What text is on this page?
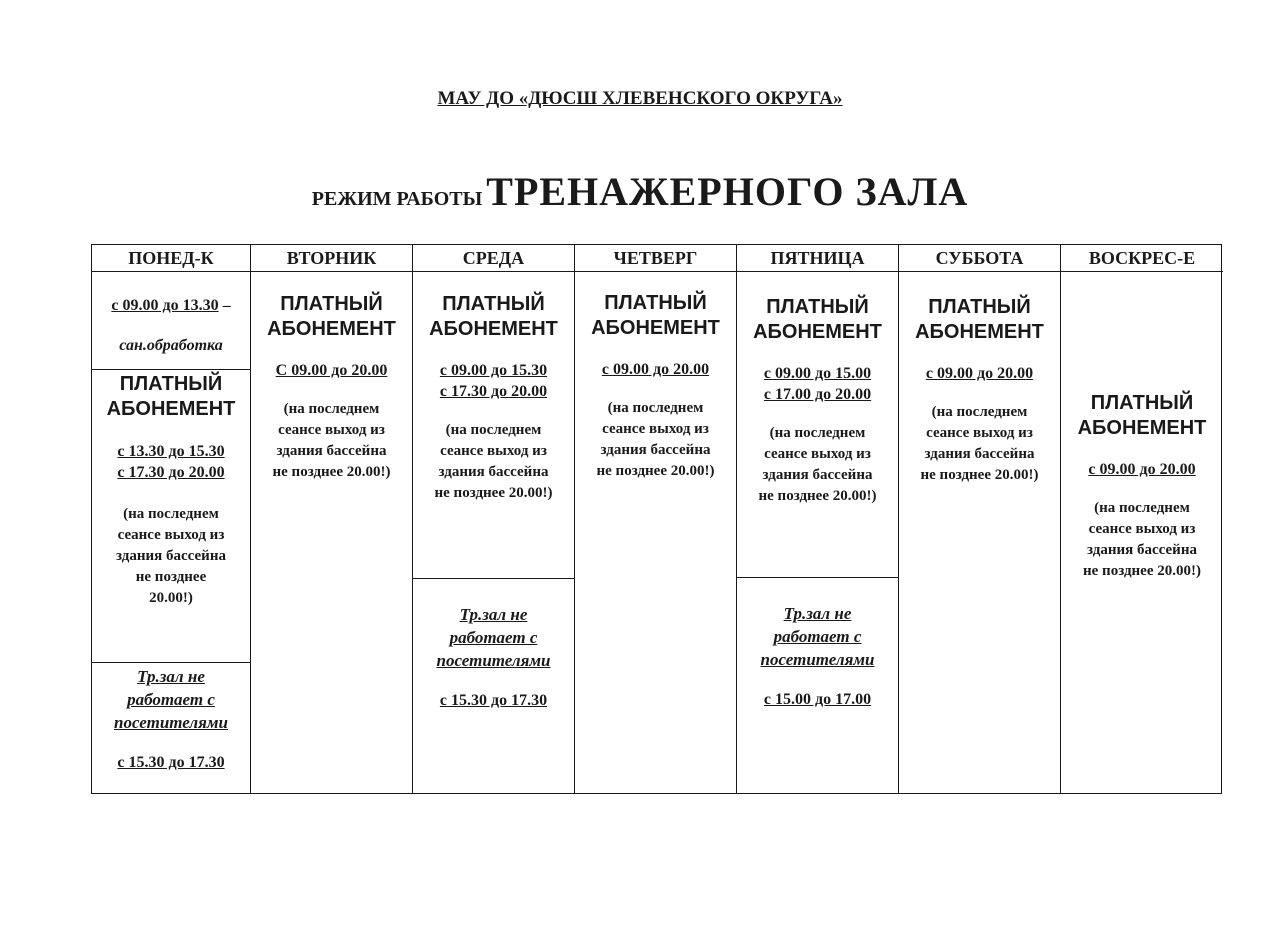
МАУ ДО «ДЮСШ ХЛЕВЕНСКОГО ОКРУГА»
РЕЖИМ РАБОТЫ ТРЕНАЖЕРНОГО ЗАЛА
ПОНЕД-К

с 09.00 до 13.30 –

сан.обработка

ПЛАТНЫЙ

АБОНЕМЕНТ

с 13.30 до 15.30

с 17.30 до 20.00

(на последнем

сеансе выход из

здания бассейна

не позднее

20.00!)

Тр.зал не

работает с

посетителями

с 15.30 до 17.30

ВТОРНИК

ПЛАТНЫЙ

АБОНЕМЕНТ

С 09.00 до 20.00

(на последнем

сеансе выход из

здания бассейна

не позднее 20.00!)

СРЕДА

ПЛАТНЫЙ

АБОНЕМЕНТ

с 09.00 до 15.30

с 17.30 до 20.00

(на последнем

сеансе выход из

здания бассейна

не позднее 20.00!)

Тр.зал не

работает с

посетителями

с 15.30 до 17.30

ЧЕТВЕРГ

ПЛАТНЫЙ

АБОНЕМЕНТ

с 09.00 до 20.00

(на последнем

сеансе выход из

здания бассейна

не позднее 20.00!)

ПЯТНИЦА

ПЛАТНЫЙ

АБОНЕМЕНТ

с 09.00 до 15.00

с 17.00 до 20.00

(на последнем

сеансе выход из

здания бассейна

не позднее 20.00!)

Тр.зал не

работает с

посетителями

с 15.00 до 17.00

СУББОТА

ПЛАТНЫЙ

АБОНЕМЕНТ

с 09.00 до 20.00

(на последнем

сеансе выход из

здания бассейна

не позднее 20.00!)

ВОСКРЕС-Е

ПЛАТНЫЙ

АБОНЕМЕНТ

с 09.00 до 20.00

(на последнем

сеансе выход из

здания бассейна

не позднее 20.00!)
